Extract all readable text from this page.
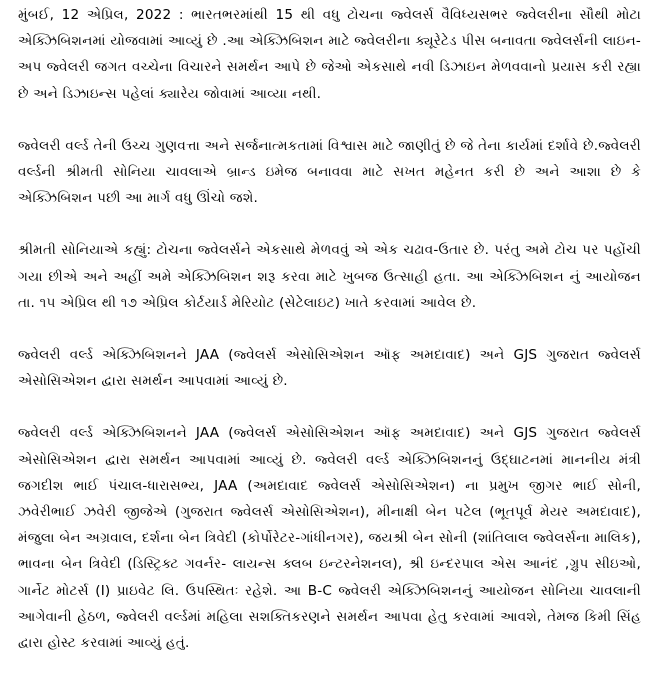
મુંબઈ, 12 એપ્રિલ, 2022 : ભારતભરમાંથી 15 થી વધુ ટોચના જ્વેલર્સ વૈવિધ્યસભર જ્વેલરીના સૌથી મોટા એક્ઝિબિશનમાં યોજવામાં આવ્યું છે .આ એક્ઝિબિશન માટે જ્વેલરીના ક્યૂરેટેડ પીસ બનાવતા જ્વેલર્સની લાઇન-અપ જ્વેલરી જગત વચ્ચેના વિચારને સમર્થન આપે છે જેઓ એકસાથે નવી ડિઝાઇન મેળવવાનો પ્રયાસ કરી રહ્યા છે અને ડિઝાઇન્સ પહેલાં ક્યારેય જોવામાં આવ્યા નથી.

જ્વેલરી વર્લ્ડ તેની ઉચ્ચ ગુણવત્તા અને સર્જનાત્મકતામાં વિશ્વાસ માટે જાણીતું છે જે તેના કાર્યમાં દર્શાવે છે.જ્વેલરી વર્લ્ડની શ્રીમતી સોનિયા ચાવલાએ બ્રાન્ડ ઇમેજ બનાવવા માટે સખત મહેનત કરી છે અને આશા છે કે એક્ઝિબિશન પછી આ માર્ગ વધુ ઊંચો જશે.

શ્રીમતી સોનિયાએ કહ્યું: ટોચના જ્વેલર્સને એકસાથે મેળવવું એ એક ચઢાવ-ઉતાર છે. પરંતુ અમે ટોચ પર પહોંચી ગયા છીએ અને અહીં અમે એક્ઝિબિશન શરૂ કરવા માટે ખુબજ ઉત્સાહી હતા. આ એક્ઝિબિશન નું આયોજન તા. ૧૫ એપ્રિલ થી ૧૭ એપ્રિલ કોર્ટયાર્ડ મેરિયોટ (સેટેલાઇટ) ખાતે કરવામાં આવેલ છે.

જ્વેલરી વર્લ્ડ એક્ઝિબિશનને JAA (જ્વેલર્સ એસોસિએશન ઑફ અમદાવાદ) અને GJS ગુજરાત જ્વેલર્સ એસોસિએશન દ્વારા સમર્થન આપવામાં આવ્યું છે.

જ્વેલરી વર્લ્ડ એક્ઝિબિશનને JAA (જ્વેલર્સ એસોસિએશન ઑફ અમદાવાદ) અને GJS ગુજરાત જ્વેલર્સ એસોસિએશન દ્વારા સમર્થન આપવામાં આવ્યું છે. જ્વેલરી વર્લ્ડ એક્ઝિબિશનનું ઉદ્ઘાટનમાં માનનીય મંત્રી જગદીશ ભાઈ પંચાલ-ધારાસભ્ય, JAA (અમદાવાદ જ્વેલર્સ એસોસિએશન) ના પ્રમુખ જીગર ભાઈ સોની, ઝવેરીભાઈ ઝવેરી જીજેએ (ગુજરાત જ્વેલર્સ એસોસિએશન), મીનાક્ષી બેન પટેલ (ભૂતપૂર્વ મેયર અમદાવાદ), મંજુલા બેન અગ્રવાલ, દર્શના બેન ત્રિવેદી (કોર્પોરેટર-ગાંધીનગર), જયશ્રી બેન સોની (શાંતિલાલ જ્વેલર્સના માલિક), ભાવના બેન ત્રિવેદી (ડિસ્ટ્રિક્ટ ગવર્નર- લાયન્સ ક્લબ ઇન્ટરનેશનલ), શ્રી ઇન્દરપાલ એસ આનંદ ,ગ્રુપ સીઇઓ, ગાર્નેટ મોટર્સ (I) પ્રાઇવેટ લિ. ઉપસ્થિતઃ રહેશે. આ B-C જ્વેલરી એક્ઝિબિશનનું આયોજન સોનિયા ચાવલાની આગેવાની હેઠળ, જ્વેલરી વર્લ્ડમાં મહિલા સશક્તિકરણને સમર્થન આપવા હેતુ કરવામાં આવશે, તેમજ કિમી સિંહ દ્વારા હોસ્ટ કરવામાં આવ્યું હતું.
